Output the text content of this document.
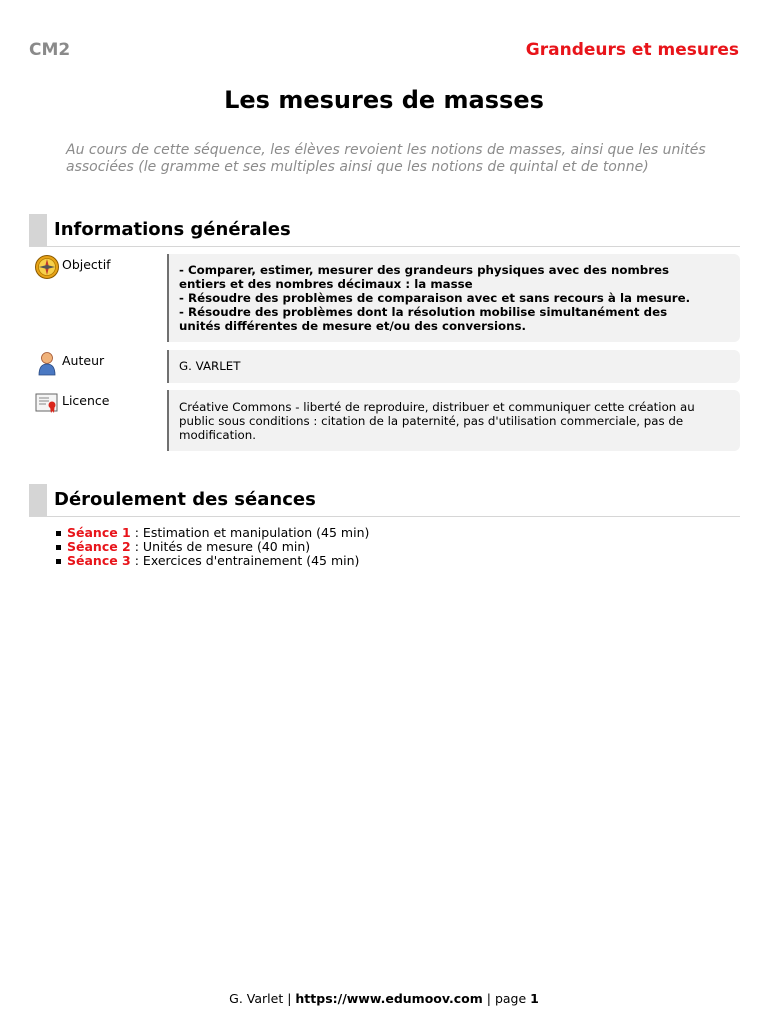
CM2	Grandeurs et mesures
Les mesures de masses
Au cours de cette séquence, les élèves revoient les notions de masses, ainsi que les unités associées (le gramme et ses multiples ainsi que les notions de quintal et de tonne)
Informations générales
Objectif	- Comparer, estimer, mesurer des grandeurs physiques avec des nombres
entiers et des nombres décimaux : la masse
- Résoudre des problèmes de comparaison avec et sans recours à la mesure.
- Résoudre des problèmes dont la résolution mobilise simultanément des
unités différentes de mesure et/ou des conversions.
Auteur	G. VARLET
Licence	Créative Commons - liberté de reproduire, distribuer et communiquer cette création au
public sous conditions : citation de la paternité, pas d'utilisation commerciale, pas de
modification.
Déroulement des séances
Séance 1 : Estimation et manipulation (45 min)
Séance 2 : Unités de mesure (40 min)
Séance 3 : Exercices d'entrainement (45 min)
G. Varlet | https://www.edumoov.com | page 1
